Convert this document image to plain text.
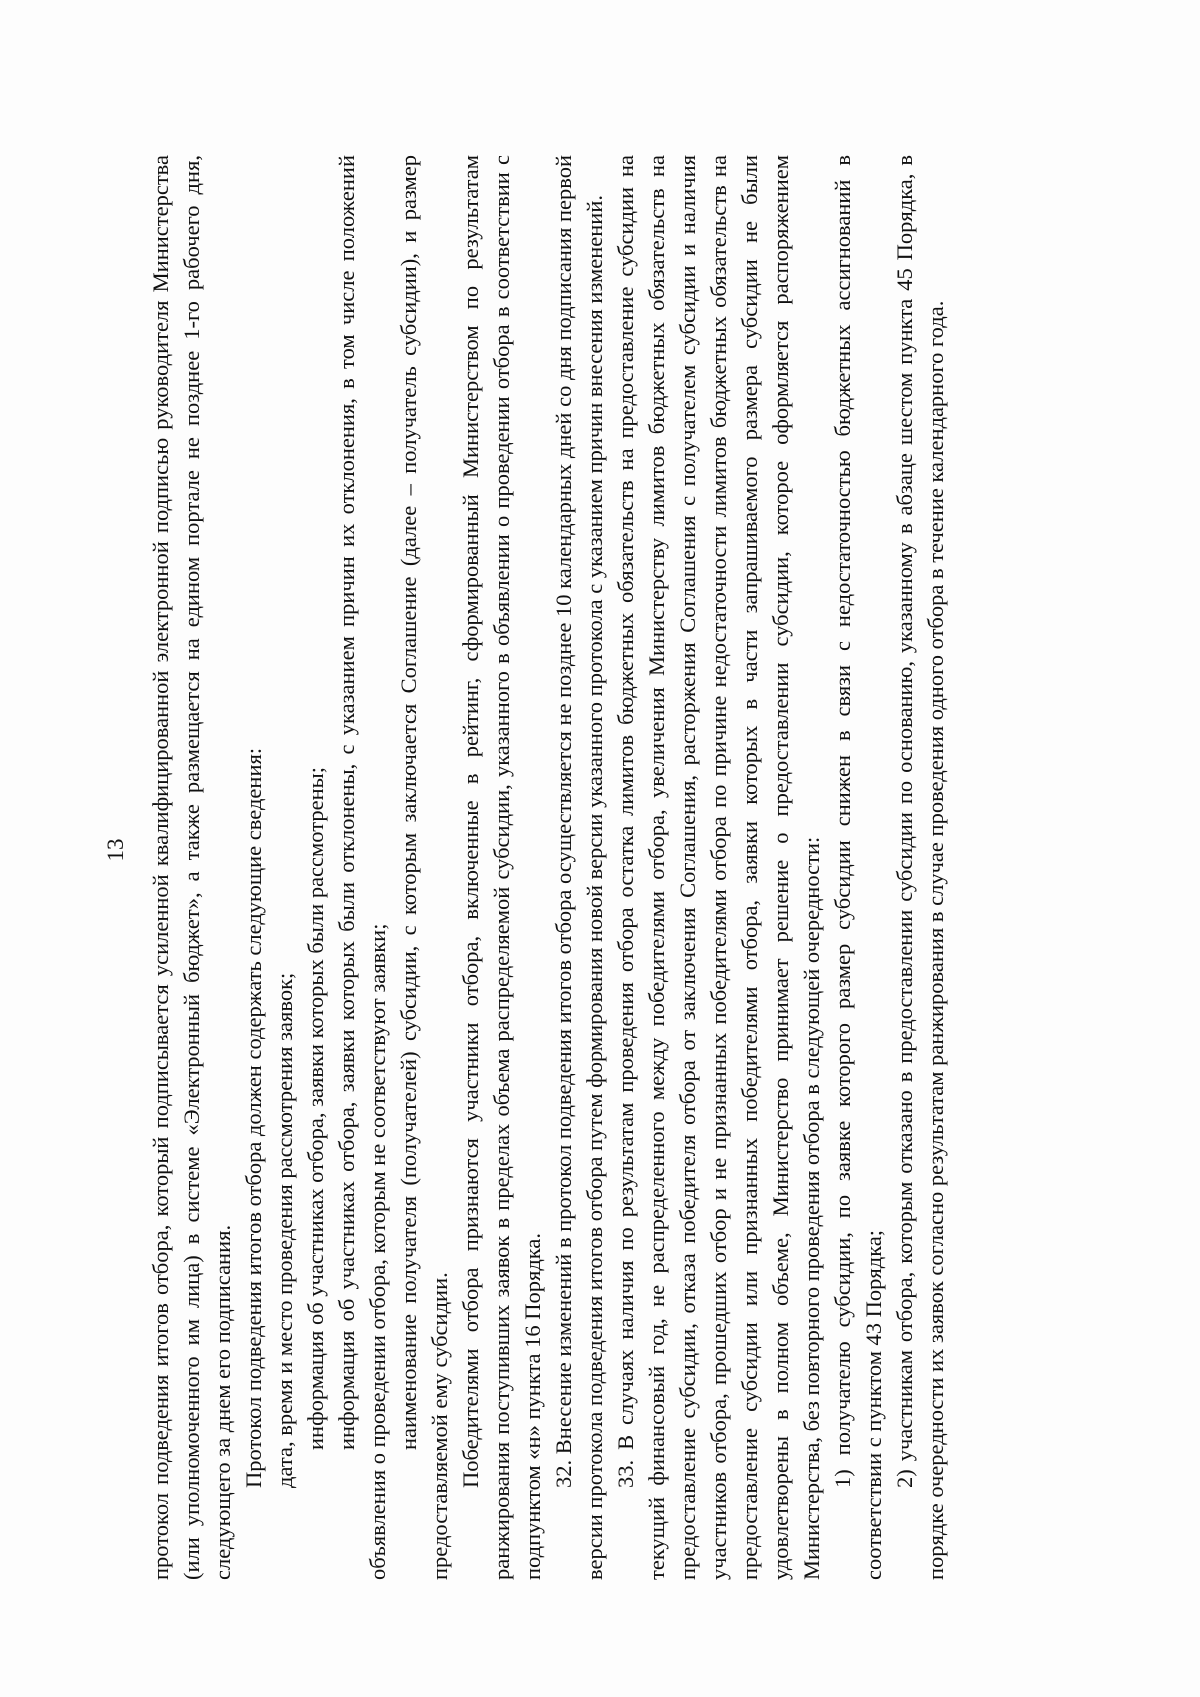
13 протокол подведения итогов отбора, который подписывается усиленной квалифицированной электронной подписью руководителя Министерства (или уполномоченного им лица) в системе «Электронный бюджет», а также размещается на едином портале не позднее 1-го рабочего дня, следующего за днем его подписания. Протокол подведения итогов отбора должен содержать следующие сведения: дата, время и место проведения рассмотрения заявок; информация об участниках отбора, заявки которых были рассмотрены; информация об участниках отбора, заявки которых были отклонены, с указанием причин их отклонения, в том числе положений объявления о проведении отбора, которым не соответствуют заявки; наименование получателя (получателей) субсидии, с которым заключается Соглашение (далее – получатель субсидии), и размер предоставляемой ему субсидии. Победителями отбора признаются участники отбора, включенные в рейтинг, сформированный Министерством по результатам ранжирования поступивших заявок в пределах объема распределяемой субсидии, указанного в объявлении о проведении отбора в соответствии с подпунктом «н» пункта 16 Порядка. 32. Внесение изменений в протокол подведения итогов отбора осуществляется не позднее 10 календарных дней со дня подписания первой версии протокола подведения итогов отбора путем формирования новой версии указанного протокола с указанием причин внесения изменений. 33. В случаях наличия по результатам проведения отбора остатка лимитов бюджетных обязательств на предоставление субсидии на текущий финансовый год, не распределенного между победителями отбора, увеличения Министерству лимитов бюджетных обязательств на предоставление субсидии, отказа победителя отбора от заключения Соглашения, расторжения Соглашения с получателем субсидии и наличия участников отбора, прошедших отбор и не признанных победителями отбора по причине недостаточности лимитов бюджетных обязательств на предоставление субсидии или признанных победителями отбора, заявки которых в части запрашиваемого размера субсидии не были удовлетворены в полном объеме, Министерство принимает решение о предоставлении субсидии, которое оформляется распоряжением Министерства, без повторного проведения отбора в следующей очередности: 1) получателю субсидии, по заявке которого размер субсидии снижен в связи с недостаточностью бюджетных ассигнований в соответствии с пунктом 43 Порядка; 2) участникам отбора, которым отказано в предоставлении субсидии по основанию, указанному в абзаце шестом пункта 45 Порядка, в порядке очередности их заявок согласно результатам ранжирования в случае проведения одного отбора в течение календарного года.
